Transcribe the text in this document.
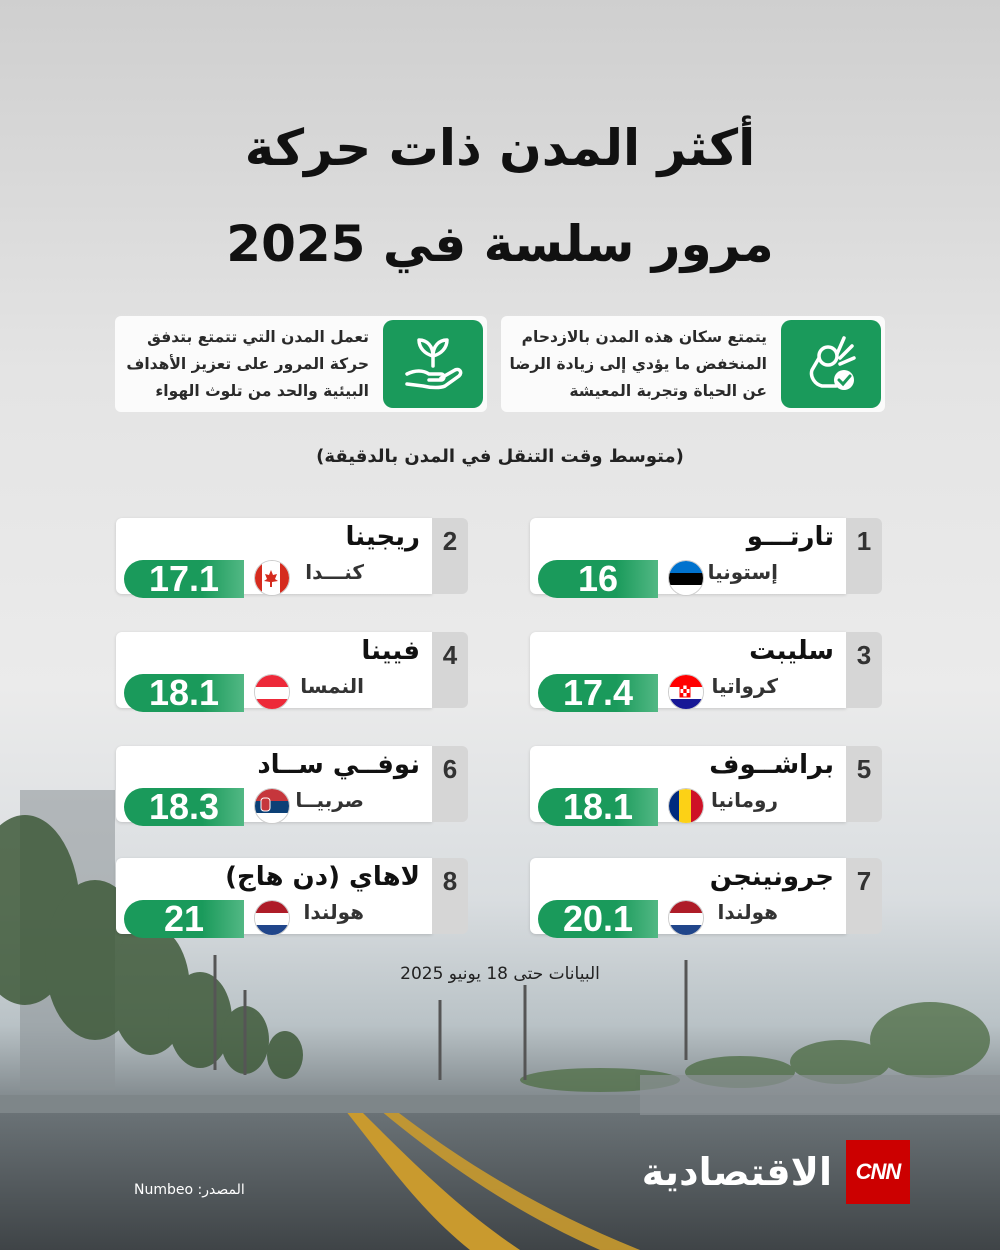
أكثر المدن ذات حركة
مرور سلسة في 2025
يتمتع سكان هذه المدن بالازدحام المنخفض ما يؤدي إلى زيادة الرضا عن الحياة وتجربة المعيشة
تعمل المدن التي تتمتع بتدفق حركة المرور على تعزيز الأهداف البيئية والحد من تلوث الهواء
(متوسط وقت التنقل في المدن بالدقيقة)
1
تارتـــو
إستونيا
16
2
ريجينا
كنـــدا
17.1
3
سليبت
كرواتيا
17.4
4
فيينا
النمسا
18.1
5
براشــوف
رومانيا
18.1
6
نوفــي ســاد
صربيــا
18.3
7
جرونينجن
هولندا
20.1
8
لاهاي (دن هاج)
هولندا
21
البيانات حتى 18 يونيو 2025
المصدر: Numbeo	الاقتصادية	CNN
